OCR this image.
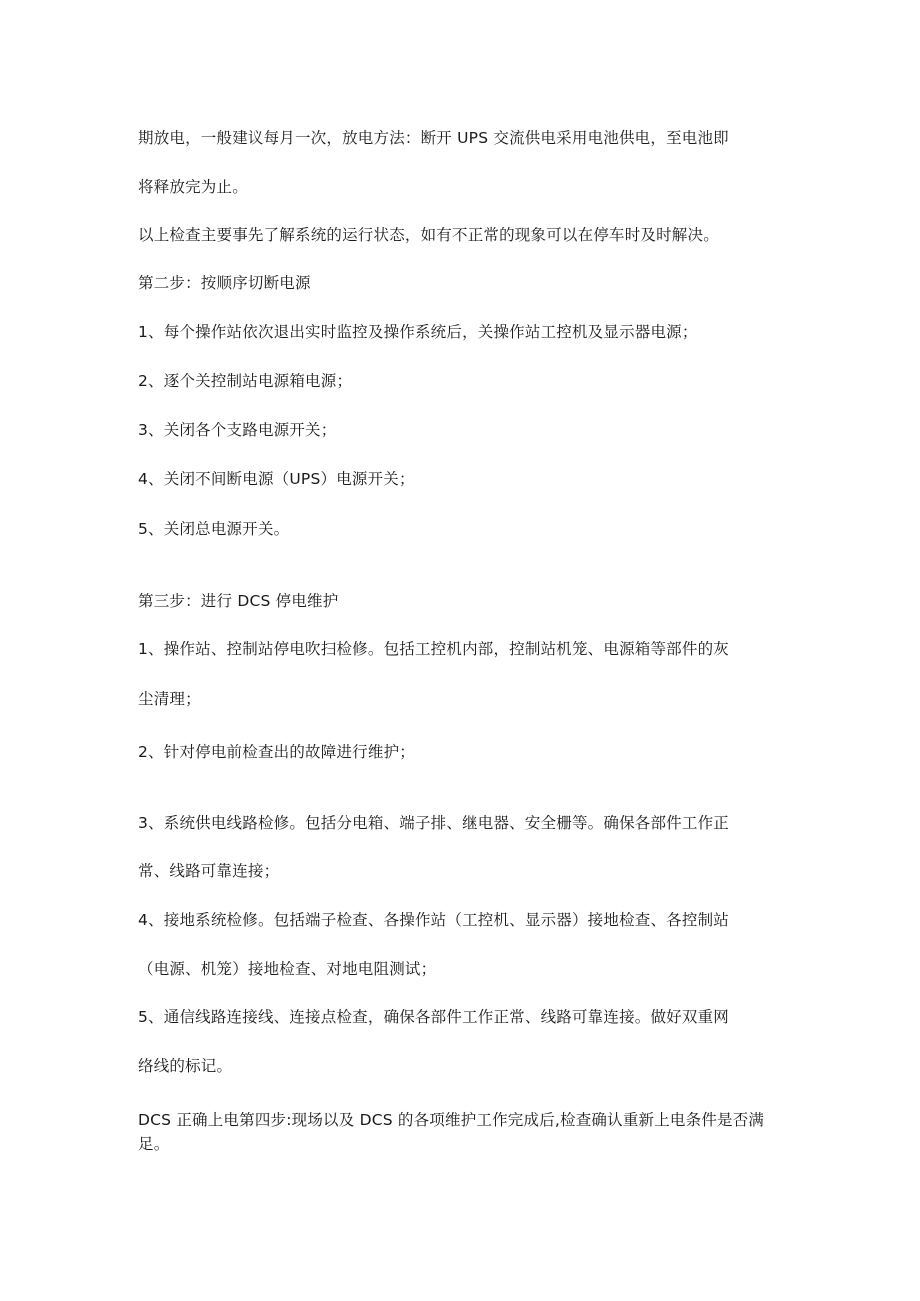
期放电，一般建议每月一次，放电方法：断开 UPS 交流供电采用电池供电，至电池即
将释放完为止。
以上检查主要事先了解系统的运行状态，如有不正常的现象可以在停车时及时解决。
第二步：按顺序切断电源
1、每个操作站依次退出实时监控及操作系统后，关操作站工控机及显示器电源；
2、逐个关控制站电源箱电源；
3、关闭各个支路电源开关；
4、关闭不间断电源（UPS）电源开关；
5、关闭总电源开关。
第三步：进行 DCS 停电维护
1、操作站、控制站停电吹扫检修。包括工控机内部，控制站机笼、电源箱等部件的灰
尘清理；
2、针对停电前检查出的故障进行维护；
3、系统供电线路检修。包括分电箱、端子排、继电器、安全栅等。确保各部件工作正
常、线路可靠连接；
4、接地系统检修。包括端子检查、各操作站（工控机、显示器）接地检查、各控制站
（电源、机笼）接地检查、对地电阻测试；
5、通信线路连接线、连接点检查，确保各部件工作正常、线路可靠连接。做好双重网
络线的标记。
DCS 正确上电第四步:现场以及 DCS 的各项维护工作完成后,检查确认重新上电条件是否满足。
